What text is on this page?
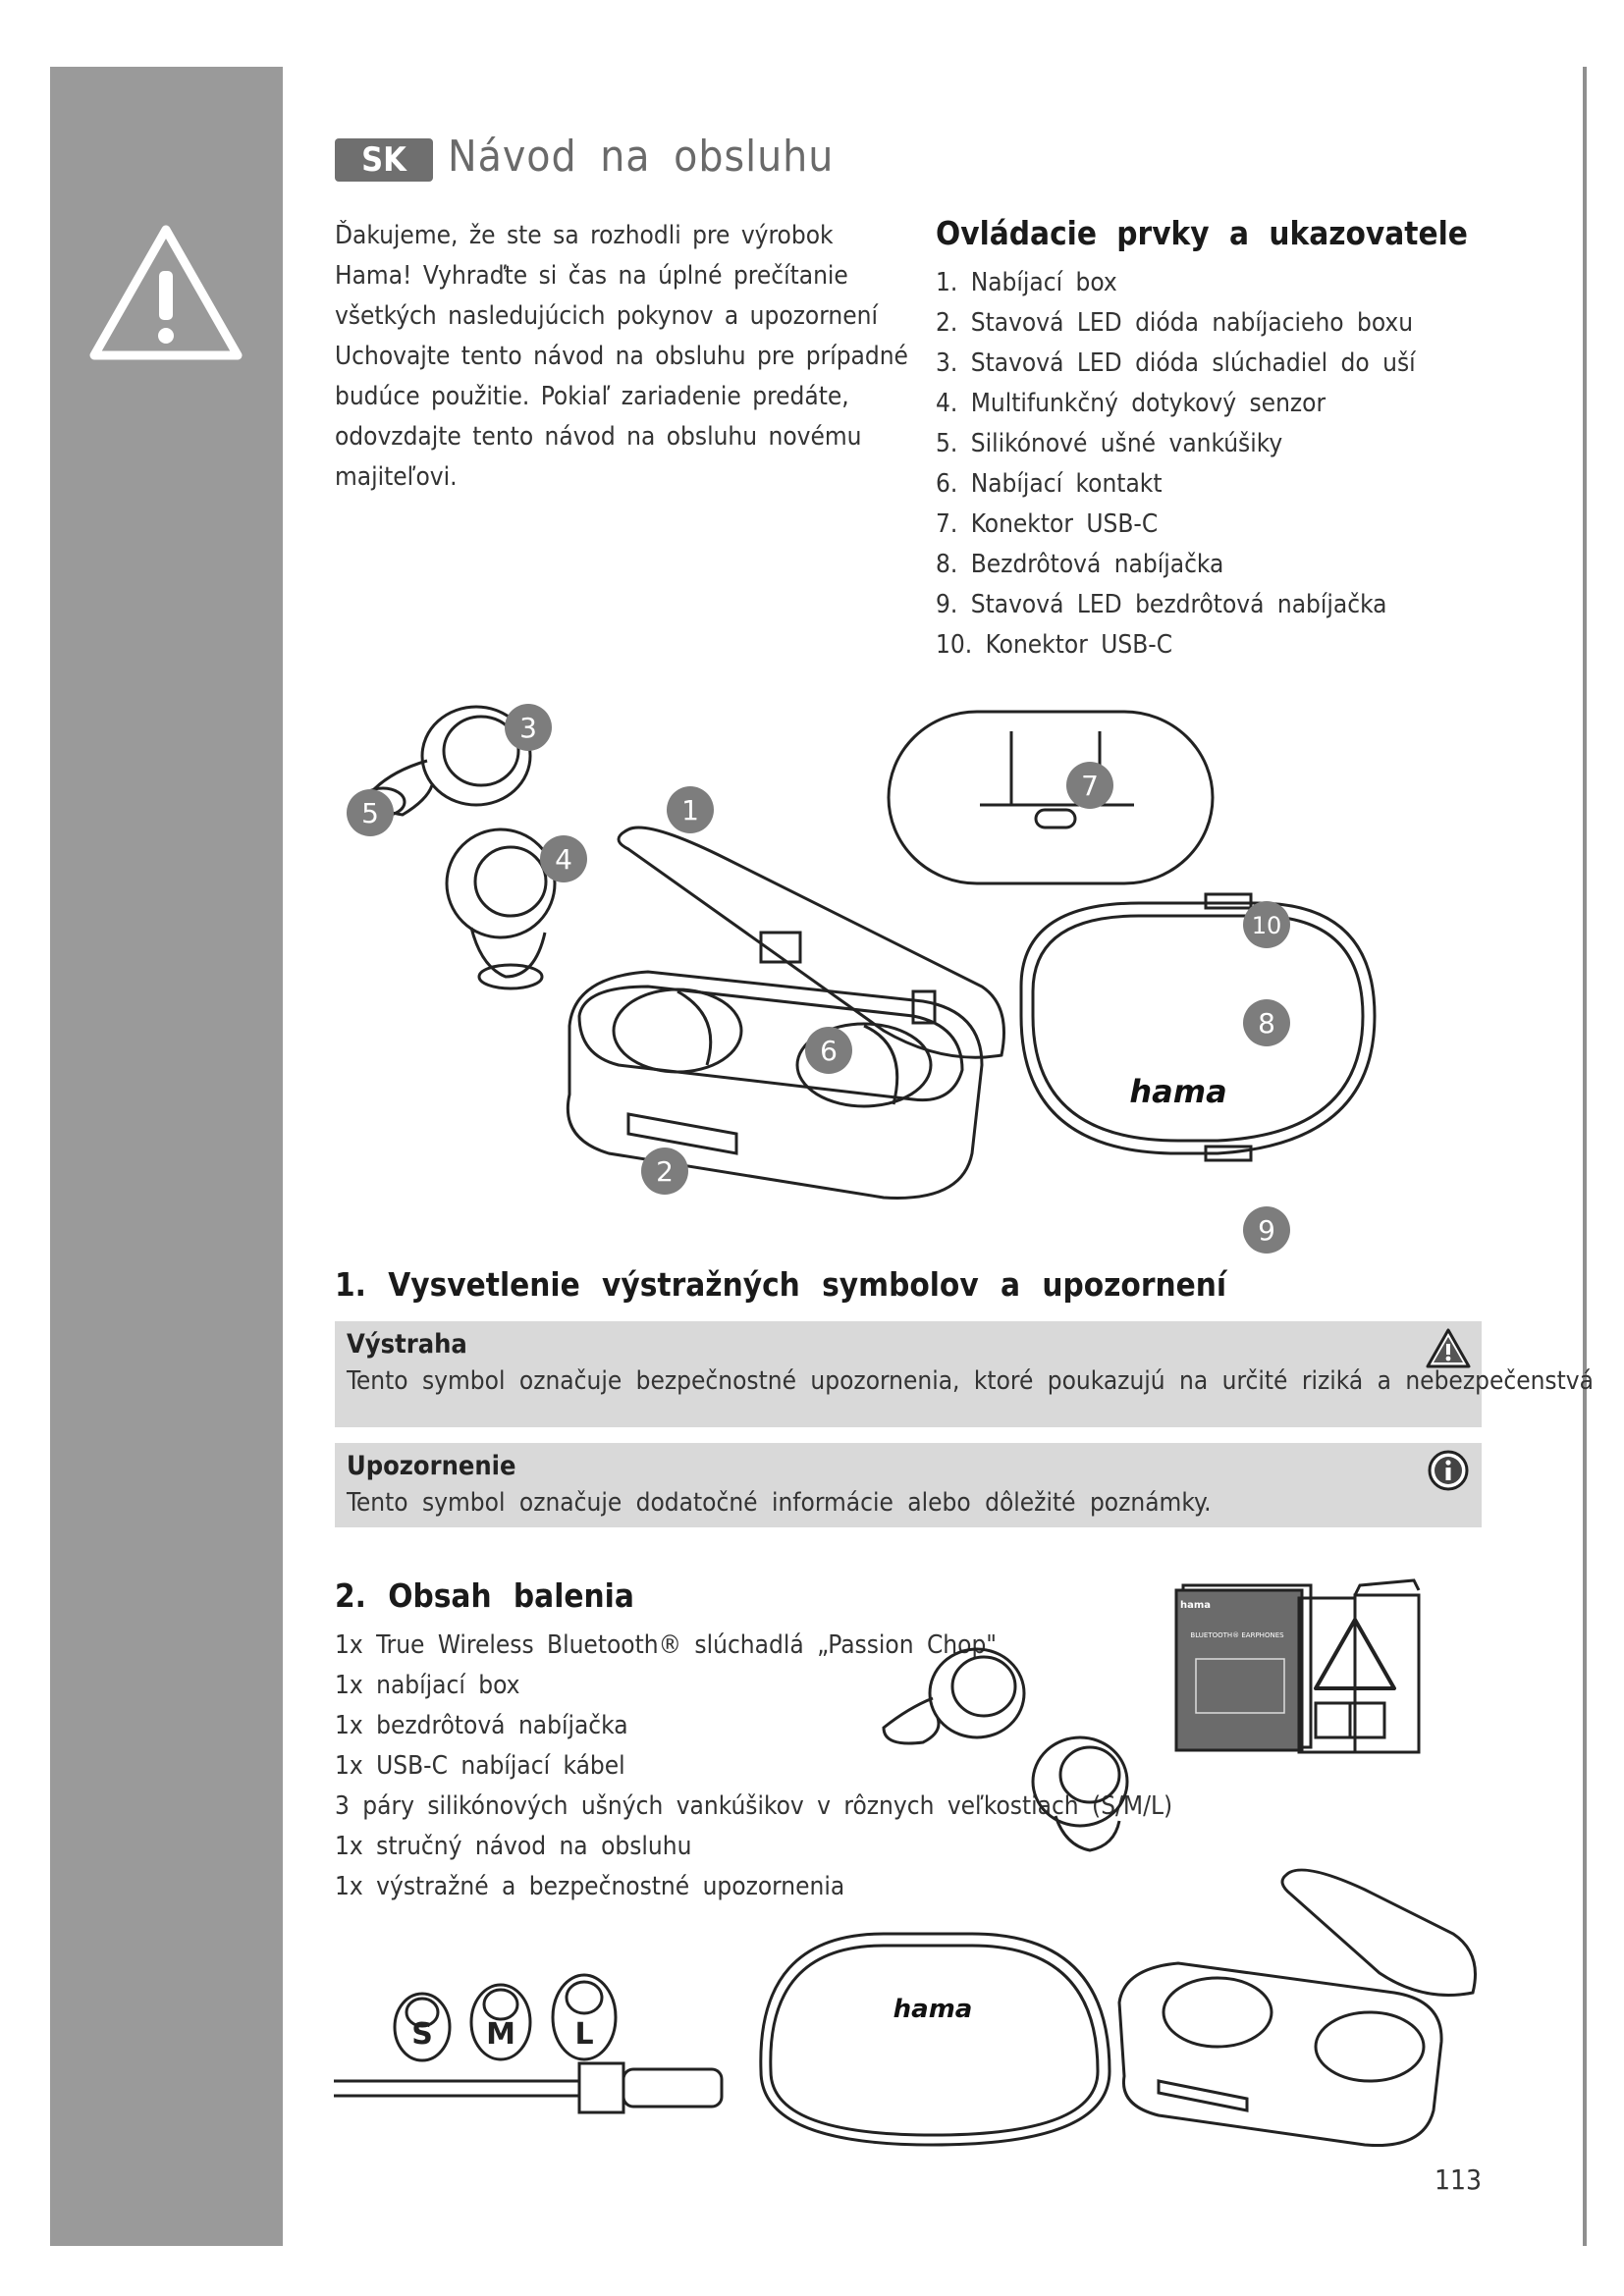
SK Návod na obsluhu
Ďakujeme, že ste sa rozhodli pre výrobok Hama! Vyhraďte si čas na úplné prečítanie všetkých nasledujúcich pokynov a upozornení Uchovajte tento návod na obsluhu pre prípadné budúce použitie. Pokiaľ zariadenie predáte, odovzdajte tento návod na obsluhu novému majiteľovi.
Ovládacie prvky a ukazovatele
1. Nabíjací box
2. Stavová LED dióda nabíjacieho boxu
3. Stavová LED dióda slúchadiel do uší
4. Multifunkčný dotykový senzor
5. Silikónové ušné vankúšiky
6. Nabíjací kontakt
7. Konektor USB-C
8. Bezdrôtová nabíjačka
9. Stavová LED bezdrôtová nabíjačka
10. Konektor USB-C
hama
1
2
3
4
5
6
7
8
9
10
1. Vysvetlenie výstražných symbolov a upozornení
Výstraha
Tento symbol označuje bezpečnostné upozornenia, ktoré poukazujú na určité riziká a nebezpečenstvá
Upozornenie
Tento symbol označuje dodatočné informácie alebo dôležité poznámky.
2. Obsah balenia
1x True Wireless Bluetooth® slúchadlá „Passion Chop"
1x nabíjací box
1x bezdrôtová nabíjačka
1x USB-C nabíjací kábel
3 páry silikónových ušných vankúšikov v rôznych veľkostiach (S/M/L)
1x stručný návod na obsluhu
1x výstražné a bezpečnostné upozornenia
S M L
hama
hama
BLUETOOTH® EARPHONES
113
